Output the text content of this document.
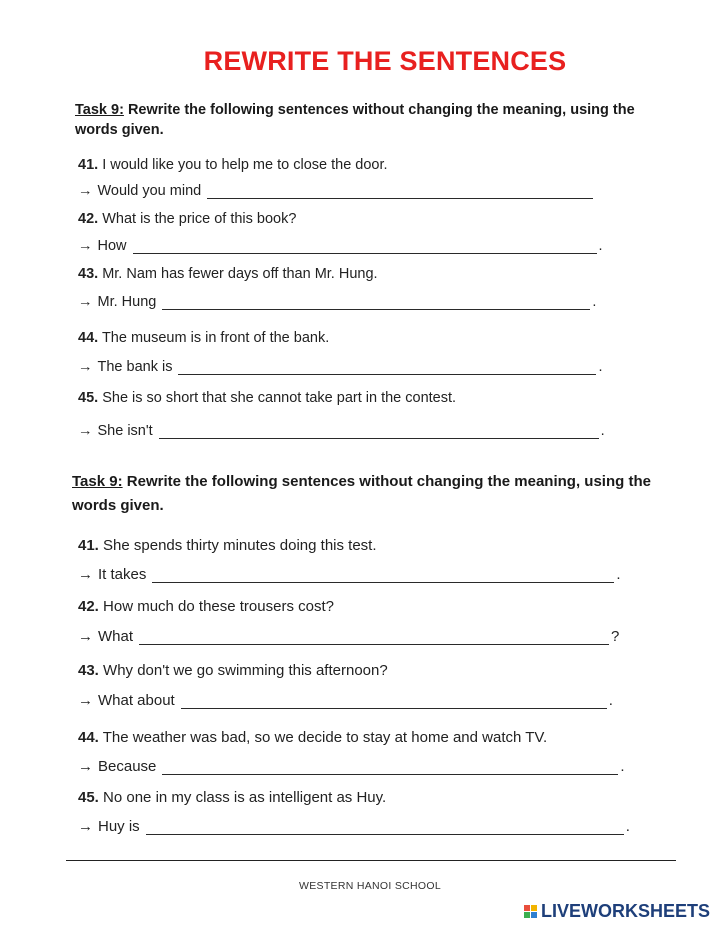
REWRITE THE SENTENCES
Task 9: Rewrite the following sentences without changing the meaning, using the words given.
41. I would like you to help me to close the door.
→ Would you mind
42. What is the price of this book?
→ How	.
43. Mr. Nam has fewer days off than Mr. Hung.
→ Mr. Hung	.
44. The museum is in front of the bank.
→ The bank is	.
45. She is so short that she cannot take part in the contest.
→ She isn't	.
Task 9: Rewrite the following sentences without changing the meaning, using the words given.
41. She spends thirty minutes doing this test.
→ It takes	.
42. How much do these trousers cost?
→ What	?
43. Why don't we go swimming this afternoon?
→ What about	.
44. The weather was bad, so we decide to stay at home and watch TV.
→ Because	.
45. No one in my class is as intelligent as Huy.
→ Huy is	.
WESTERN HANOI SCHOOL
LIVEWORKSHEETS
